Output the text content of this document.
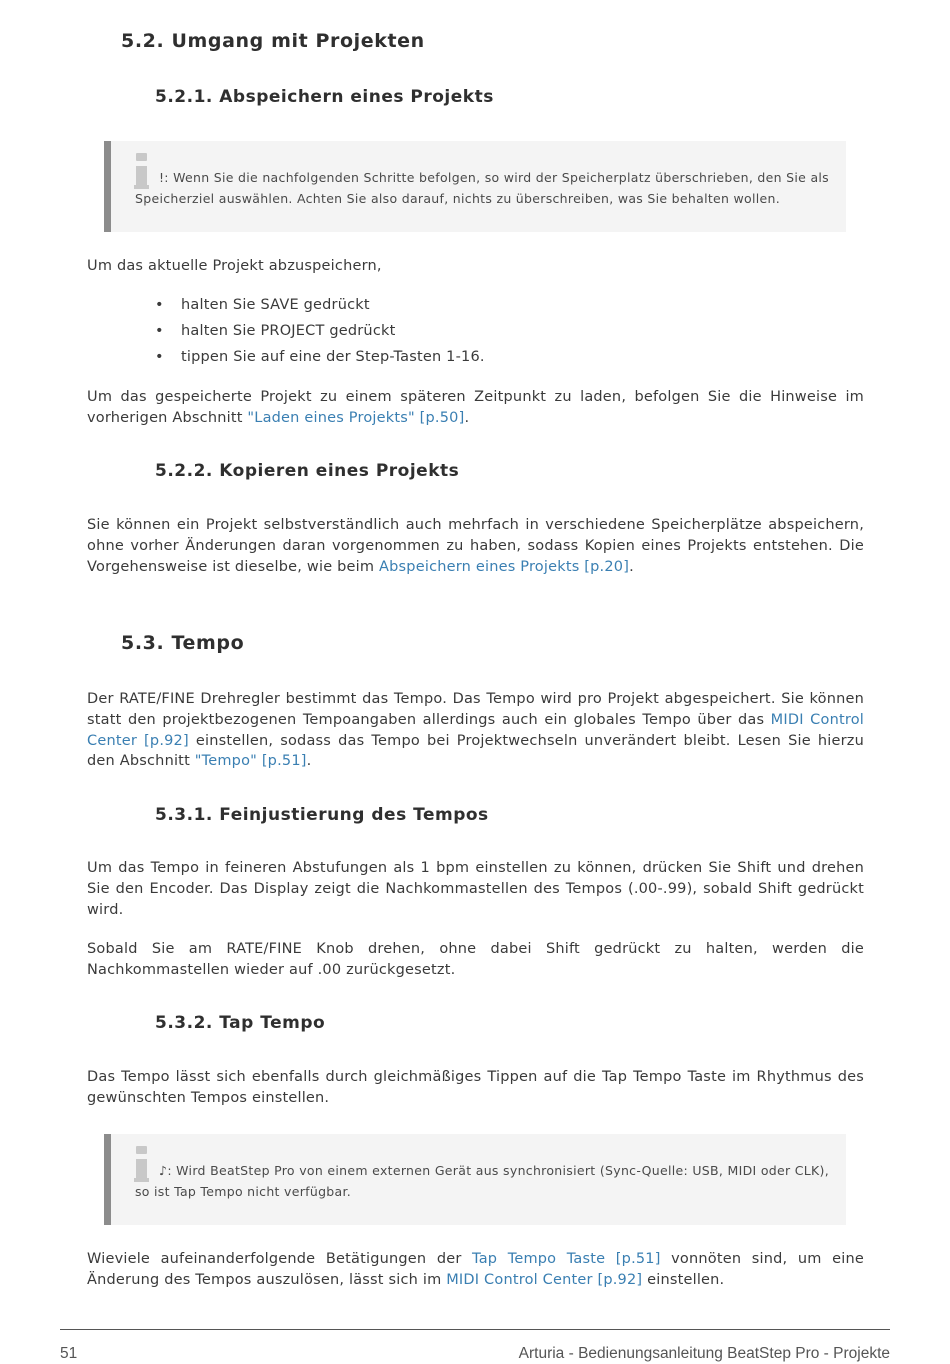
5.2. Umgang mit Projekten
5.2.1. Abspeichern eines Projekts
!: Wenn Sie die nachfolgenden Schritte befolgen, so wird der Speicherplatz überschrieben, den Sie als Speicherziel auswählen. Achten Sie also darauf, nichts zu überschreiben, was Sie behalten wollen.

Um das aktuelle Projekt abzuspeichern,

• halten Sie SAVE gedrückt
• halten Sie PROJECT gedrückt
• tippen Sie auf eine der Step-Tasten 1-16.

Um das gespeicherte Projekt zu einem späteren Zeitpunkt zu laden, befolgen Sie die Hinweise im vorherigen Abschnitt "Laden eines Projekts" [p.50].

5.2.2. Kopieren eines Projekts

Sie können ein Projekt selbstverständlich auch mehrfach in verschiedene Speicherplätze abspeichern, ohne vorher Änderungen daran vorgenommen zu haben, sodass Kopien eines Projekts entstehen. Die Vorgehensweise ist dieselbe, wie beim Abspeichern eines Projekts [p.20].

5.3. Tempo

Der RATE/FINE Drehregler bestimmt das Tempo. Das Tempo wird pro Projekt abgespeichert. Sie können statt den projektbezogenen Tempoangaben allerdings auch ein globales Tempo über das MIDI Control Center [p.92] einstellen, sodass das Tempo bei Projektwechseln unverändert bleibt. Lesen Sie hierzu den Abschnitt "Tempo" [p.51].

5.3.1. Feinjustierung des Tempos

Um das Tempo in feineren Abstufungen als 1 bpm einstellen zu können, drücken Sie Shift und drehen Sie den Encoder. Das Display zeigt die Nachkommastellen des Tempos (.00-.99), sobald Shift gedrückt wird.

Sobald Sie am RATE/FINE Knob drehen, ohne dabei Shift gedrückt zu halten, werden die Nachkommastellen wieder auf .00 zurückgesetzt.

5.3.2. Tap Tempo

Das Tempo lässt sich ebenfalls durch gleichmäßiges Tippen auf die Tap Tempo Taste im Rhythmus des gewünschten Tempos einstellen.

♪: Wird BeatStep Pro von einem externen Gerät aus synchronisiert (Sync-Quelle: USB, MIDI oder CLK), so ist Tap Tempo nicht verfügbar.

Wieviele aufeinanderfolgende Betätigungen der Tap Tempo Taste [p.51] vonnöten sind, um eine Änderung des Tempos auszulösen, lässt sich im MIDI Control Center [p.92] einstellen.

51	Arturia - Bedienungsanleitung BeatStep Pro - Projekte
